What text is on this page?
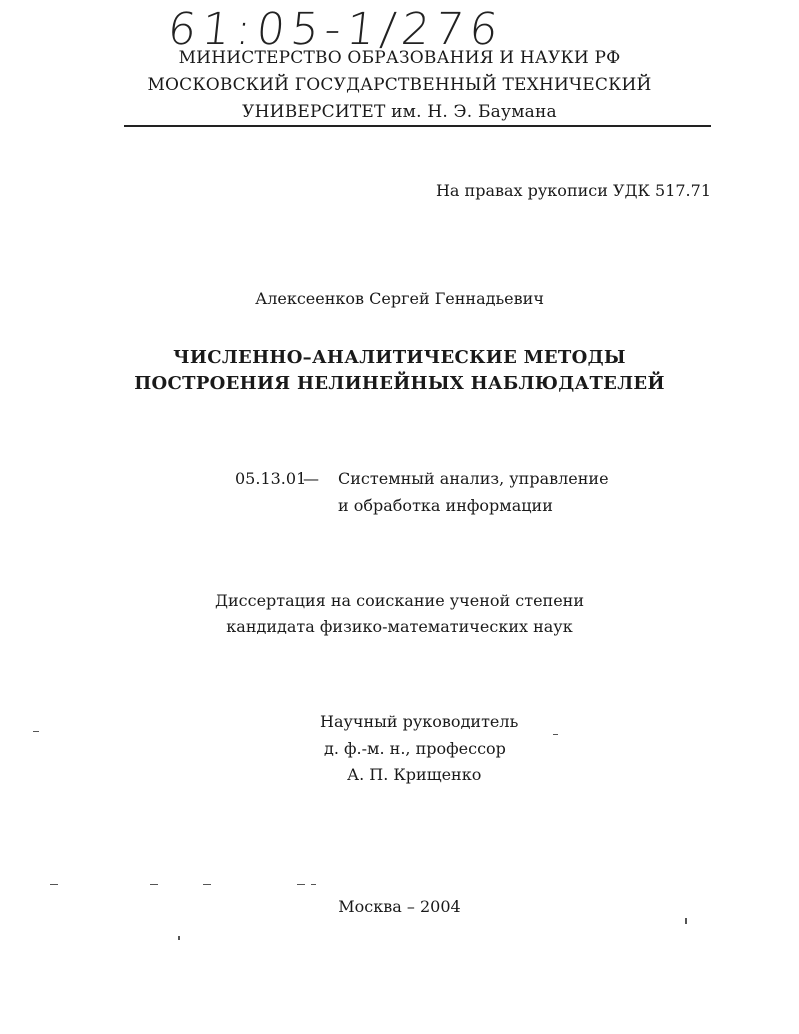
61:05-1/276
МИНИСТЕРСТВО ОБРАЗОВАНИЯ И НАУКИ РФ
МОСКОВСКИЙ ГОСУДАРСТВЕННЫЙ ТЕХНИЧЕСКИЙ
УНИВЕРСИТЕТ им. Н. Э. Баумана
На правах рукописи УДК 517.71
Алексеенков Сергей Геннадьевич
ЧИСЛЕННО–АНАЛИТИЧЕСКИЕ МЕТОДЫ
ПОСТРОЕНИЯ НЕЛИНЕЙНЫХ НАБЛЮДАТЕЛЕЙ
05.13.01
— Системный анализ, управление
и обработка информации
Диссертация на соискание ученой степени
кандидата физико-математических наук
Научный руководитель
д. ф.-м. н., профессор
А. П. Крищенко
Москва – 2004
